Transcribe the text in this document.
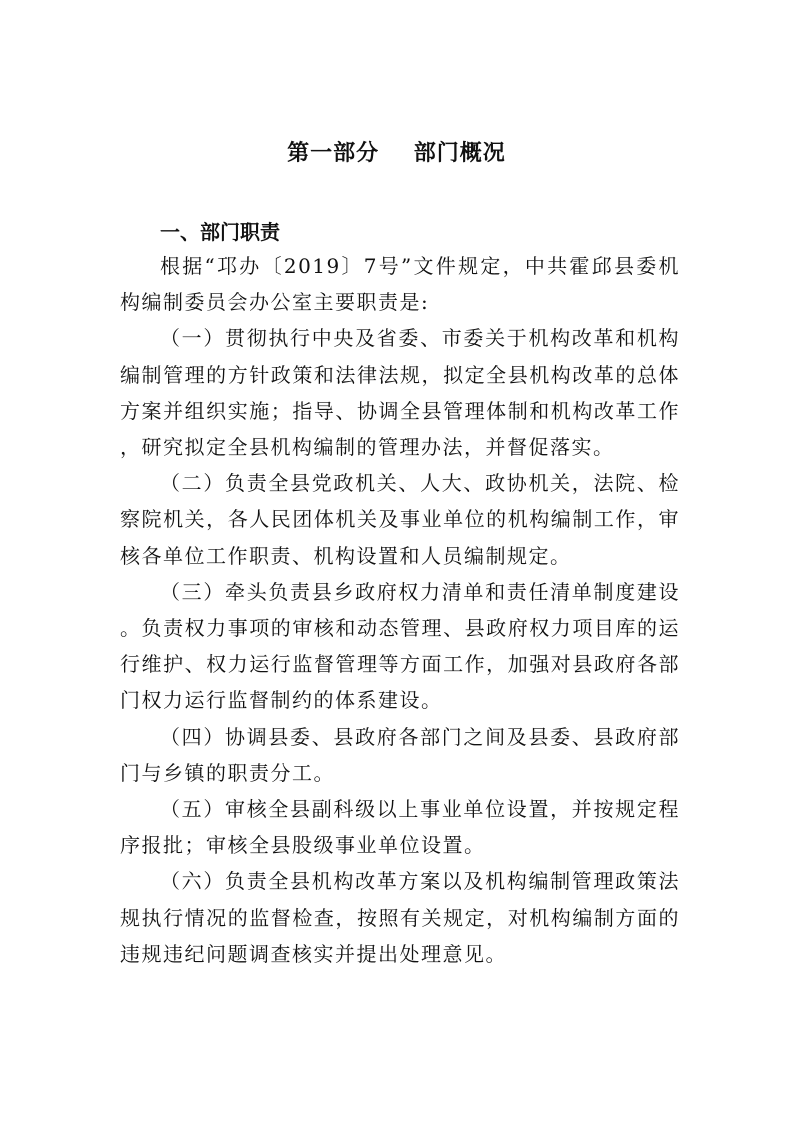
第一部分    部门概况
一、部门职责

根据“邛办〔2019〕7号”文件规定，中共霍邱县委机构编制委员会办公室主要职责是:

（一）贯彻执行中央及省委、市委关于机构改革和机构编制管理的方针政策和法律法规，拟定全县机构改革的总体方案并组织实施；指导、协调全县管理体制和机构改革工作，研究拟定全县机构编制的管理办法，并督促落实。

（二）负责全县党政机关、人大、政协机关，法院、检察院机关，各人民团体机关及事业单位的机构编制工作，审核各单位工作职责、机构设置和人员编制规定。

（三）牵头负责县乡政府权力清单和责任清单制度建设。负责权力事项的审核和动态管理、县政府权力项目库的运行维护、权力运行监督管理等方面工作，加强对县政府各部门权力运行监督制约的体系建设。

（四）协调县委、县政府各部门之间及县委、县政府部门与乡镇的职责分工。

（五）审核全县副科级以上事业单位设置，并按规定程序报批；审核全县股级事业单位设置。

（六）负责全县机构改革方案以及机构编制管理政策法规执行情况的监督检查，按照有关规定，对机构编制方面的违规违纪问题调查核实并提出处理意见。
